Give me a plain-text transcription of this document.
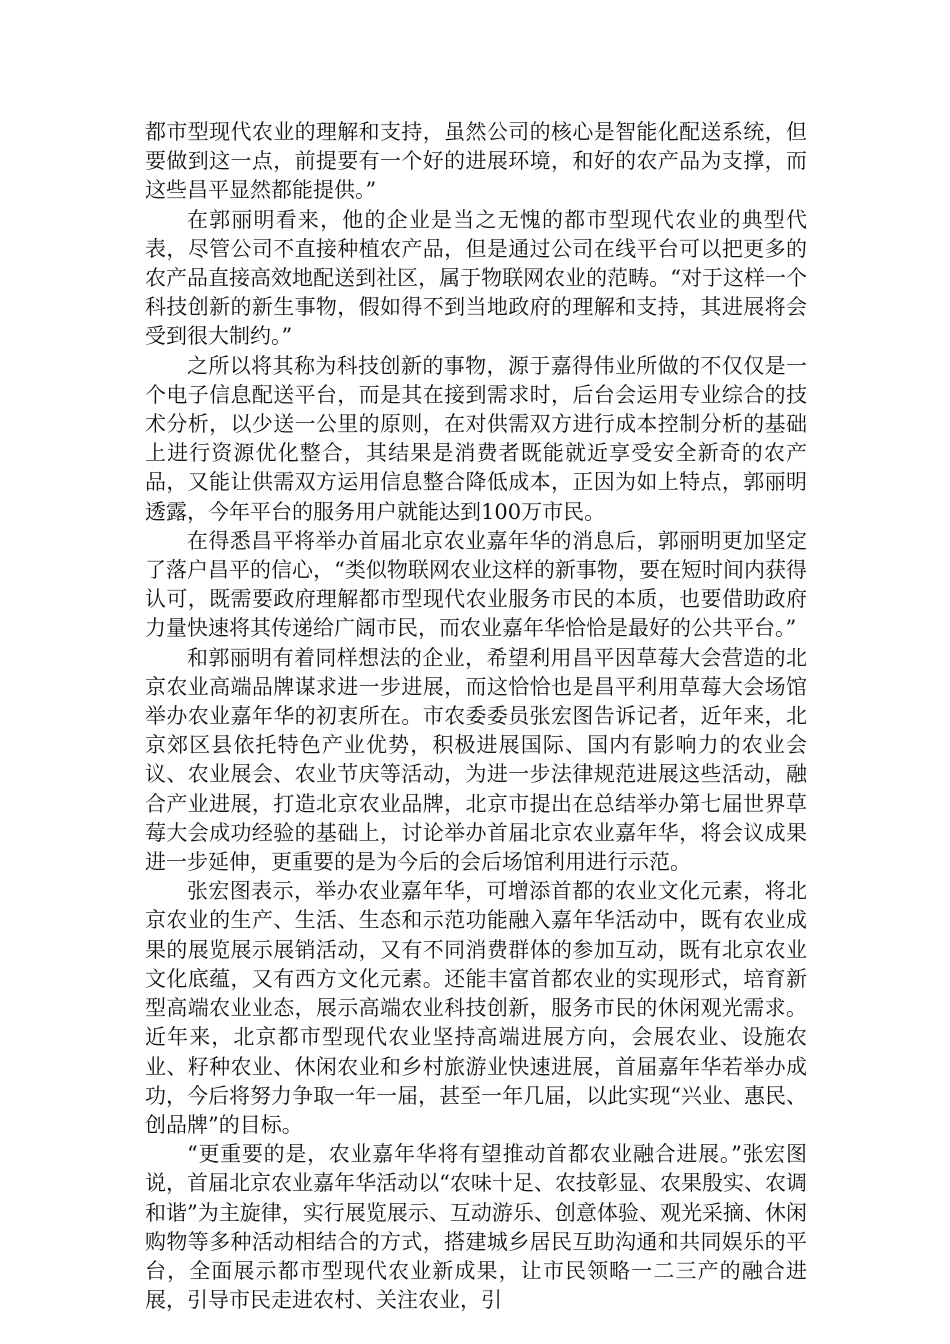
都市型现代农业的理解和支持，虽然公司的核心是智能化配送系统，但要做到这一点，前提要有一个好的进展环境，和好的农产品为支撑，而这些昌平显然都能提供。”

在郭丽明看来，他的企业是当之无愧的都市型现代农业的典型代表，尽管公司不直接种植农产品，但是通过公司在线平台可以把更多的农产品直接高效地配送到社区，属于物联网农业的范畴。“对于这样一个科技创新的新生事物，假如得不到当地政府的理解和支持，其进展将会受到很大制约。”

之所以将其称为科技创新的事物，源于嘉得伟业所做的不仅仅是一个电子信息配送平台，而是其在接到需求时，后台会运用专业综合的技术分析，以少送一公里的原则，在对供需双方进行成本控制分析的基础上进行资源优化整合，其结果是消费者既能就近享受安全新奇的农产品，又能让供需双方运用信息整合降低成本，正因为如上特点，郭丽明透露，今年平台的服务用户就能达到100万市民。

在得悉昌平将举办首届北京农业嘉年华的消息后，郭丽明更加坚定了落户昌平的信心，“类似物联网农业这样的新事物，要在短时间内获得认可，既需要政府理解都市型现代农业服务市民的本质，也要借助政府力量快速将其传递给广阔市民，而农业嘉年华恰恰是最好的公共平台。”

和郭丽明有着同样想法的企业，希望利用昌平因草莓大会营造的北京农业高端品牌谋求进一步进展，而这恰恰也是昌平利用草莓大会场馆举办农业嘉年华的初衷所在。市农委委员张宏图告诉记者，近年来，北京郊区县依托特色产业优势，积极进展国际、国内有影响力的农业会议、农业展会、农业节庆等活动，为进一步法律规范进展这些活动，融合产业进展，打造北京农业品牌，北京市提出在总结举办第七届世界草莓大会成功经验的基础上，讨论举办首届北京农业嘉年华，将会议成果进一步延伸，更重要的是为今后的会后场馆利用进行示范。

张宏图表示，举办农业嘉年华，可增添首都的农业文化元素，将北京农业的生产、生活、生态和示范功能融入嘉年华活动中，既有农业成果的展览展示展销活动，又有不同消费群体的参加互动，既有北京农业文化底蕴，又有西方文化元素。还能丰富首都农业的实现形式，培育新型高端农业业态，展示高端农业科技创新，服务市民的休闲观光需求。近年来，北京都市型现代农业坚持高端进展方向，会展农业、设施农业、籽种农业、休闲农业和乡村旅游业快速进展，首届嘉年华若举办成功，今后将努力争取一年一届，甚至一年几届，以此实现“兴业、惠民、创品牌”的目标。

“更重要的是，农业嘉年华将有望推动首都农业融合进展。”张宏图说，首届北京农业嘉年华活动以“农味十足、农技彰显、农果殷实、农调和谐”为主旋律，实行展览展示、互动游乐、创意体验、观光采摘、休闲购物等多种活动相结合的方式，搭建城乡居民互助沟通和共同娱乐的平台，全面展示都市型现代农业新成果，让市民领略一二三产的融合进展，引导市民走进农村、关注农业，引
